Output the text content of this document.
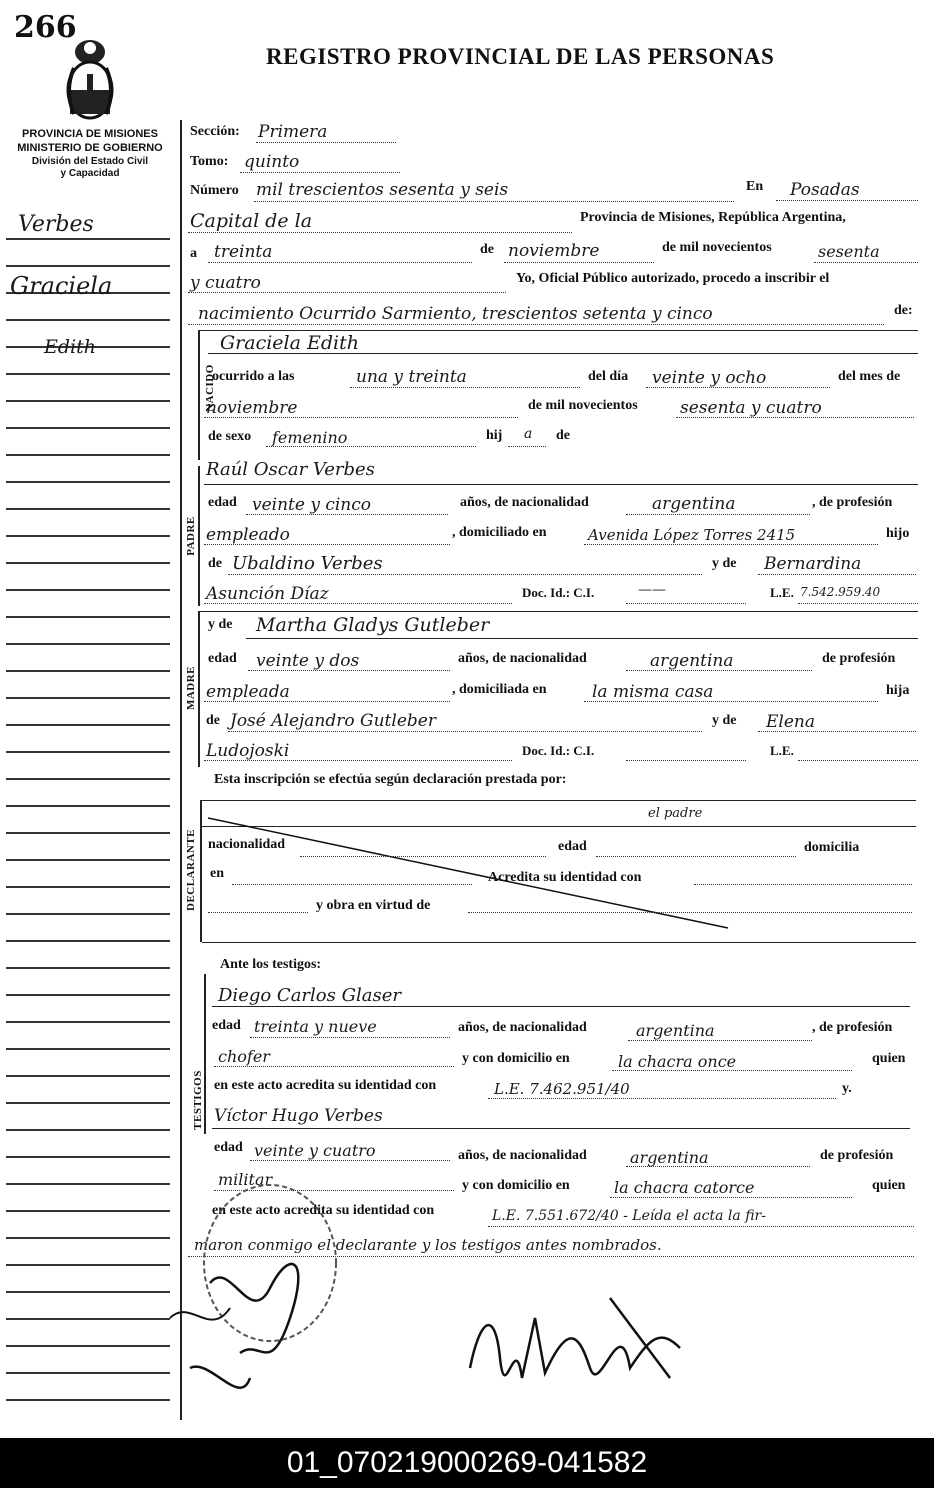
266
REGISTRO PROVINCIAL DE LAS PERSONAS
PROVINCIA DE MISIONES
MINISTERIO DE GOBIERNO
División del Estado Civil
y Capacidad
Verbes
Graciela
Edith
Sección: Primera
Tomo: quinto
Número mil trescientos sesenta y seis	En Posadas
Capital de la	Provincia de Misiones, República Argentina,
a treinta	de noviembre	de mil novecientos	sesenta
y cuatro	Yo, Oficial Público autorizado, procedo a inscribir el
nacimiento Ocurrido Sarmiento, trescientos setenta y cinco	de:
NACIDO
Graciela Edith
ocurrido a las	una y treinta	del día veinte y ocho	del mes de
noviembre	de mil novecientos sesenta y cuatro
de sexo femenino	hij a de
PADRE
Raúl Oscar Verbes
edad veinte y cinco	años, de nacionalidad	argentina	, de profesión
empleado	, domiciliado en	Avenida López Torres 2415	hijo
de Ubaldino Verbes	y de Bernardina
Asunción Díaz	Doc. Id.: C.I.	——	L.E. 7.542.959.40
MADRE
y de Martha Gladys Gutleber
edad veinte y dos	años, de nacionalidad	argentina	de profesión
empleada	, domiciliada en	la misma casa	hija
de José Alejandro Gutleber	y de Elena
Ludojoski	Doc. Id.: C.I.	L.E.
Esta inscripción se efectúa según declaración prestada por:
el padre
DECLARANTE nacionalidad	edad	domicilia
en	Acredita su identidad con
y obra en virtud de
Ante los testigos:
TESTIGOS
Diego Carlos Glaser
edad treinta y nueve	años, de nacionalidad	argentina	, de profesión
chofer	y con domicilio en	la chacra once	quien
en este acto acredita su identidad con	L.E. 7.462.951/40	y.
Víctor Hugo Verbes
edad veinte y cuatro	años, de nacionalidad	argentina	de profesión
militar	y con domicilio en	la chacra catorce	quien
en este acto acredita su identidad con	L.E. 7.551.672/40 - Leída el acta la fir-
maron conmigo el declarante y los testigos antes nombrados.
01_070219000269-041582
